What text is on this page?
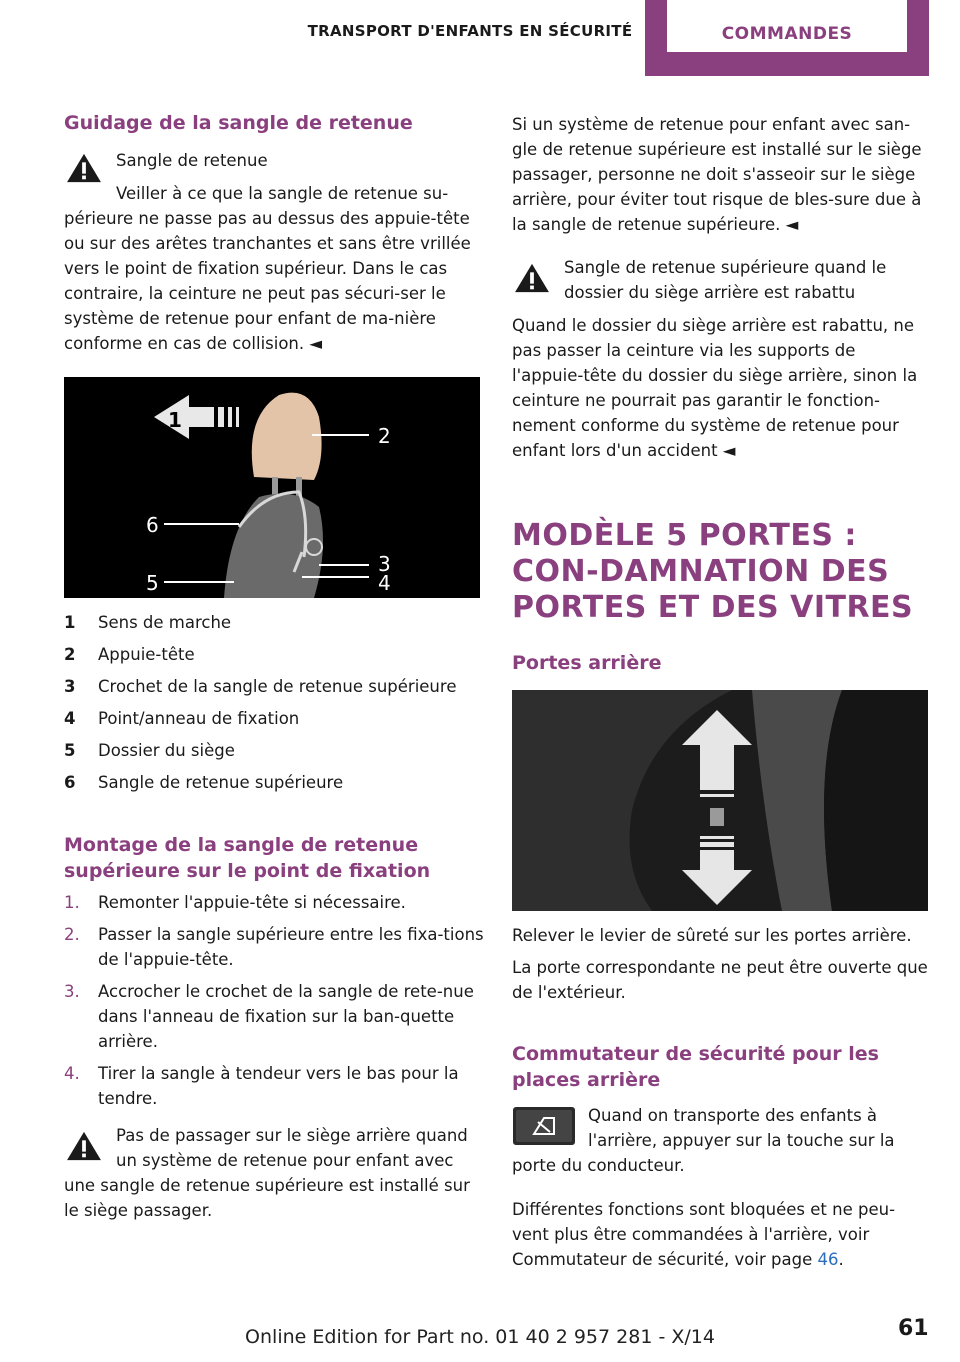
TRANSPORT D'ENFANTS EN SÉCURITÉ	COMMANDES
Guidage de la sangle de retenue
Sangle de retenue
Veiller à ce que la sangle de retenue su-
périeure ne passe pas au dessus des appuie-tête ou sur des arêtes tranchantes et sans être vrillée vers le point de fixation supérieur. Dans le cas contraire, la ceinture ne peut pas sécuri-ser le système de retenue pour enfant de ma-nière conforme en cas de collision. ◄
1
2
3
4
5
6
1 Sens de marche
2 Appuie-tête
3 Crochet de la sangle de retenue supérieure
4 Point/anneau de fixation
5 Dossier du siège
6 Sangle de retenue supérieure
Montage de la sangle de retenue supérieure sur le point de fixation
1. Remonter l'appuie-tête si nécessaire.
2. Passer la sangle supérieure entre les fixa-tions de l'appuie-tête.
3. Accrocher le crochet de la sangle de rete-nue dans l'anneau de fixation sur la ban-quette arrière.
4. Tirer la sangle à tendeur vers le bas pour la tendre.
Pas de passager sur le siège arrière quand un système de retenue pour enfant avec
une sangle de retenue supérieure est installé sur le siège passager.
Si un système de retenue pour enfant avec san-gle de retenue supérieure est installé sur le siège passager, personne ne doit s'asseoir sur le siège arrière, pour éviter tout risque de bles-sure due à la sangle de retenue supérieure. ◄
Sangle de retenue supérieure quand le dossier du siège arrière est rabattu
Quand le dossier du siège arrière est rabattu, ne pas passer la ceinture via les supports de l'appuie-tête du dossier du siège arrière, sinon la ceinture ne pourrait pas garantir le fonction-nement conforme du système de retenue pour enfant lors d'un accident ◄
MODÈLE 5 PORTES : CON-DAMNATION DES PORTES ET DES VITRES
Portes arrière
Relever le levier de sûreté sur les portes arrière.
La porte correspondante ne peut être ouverte que de l'extérieur.
Commutateur de sécurité pour les places arrière
Quand on transporte des enfants à l'arrière, appuyer sur la touche sur la
porte du conducteur.
Différentes fonctions sont bloquées et ne peu-vent plus être commandées à l'arrière, voir Commutateur de sécurité, voir page 46.
Online Edition for Part no. 01 40 2 957 281 - X/14	61
